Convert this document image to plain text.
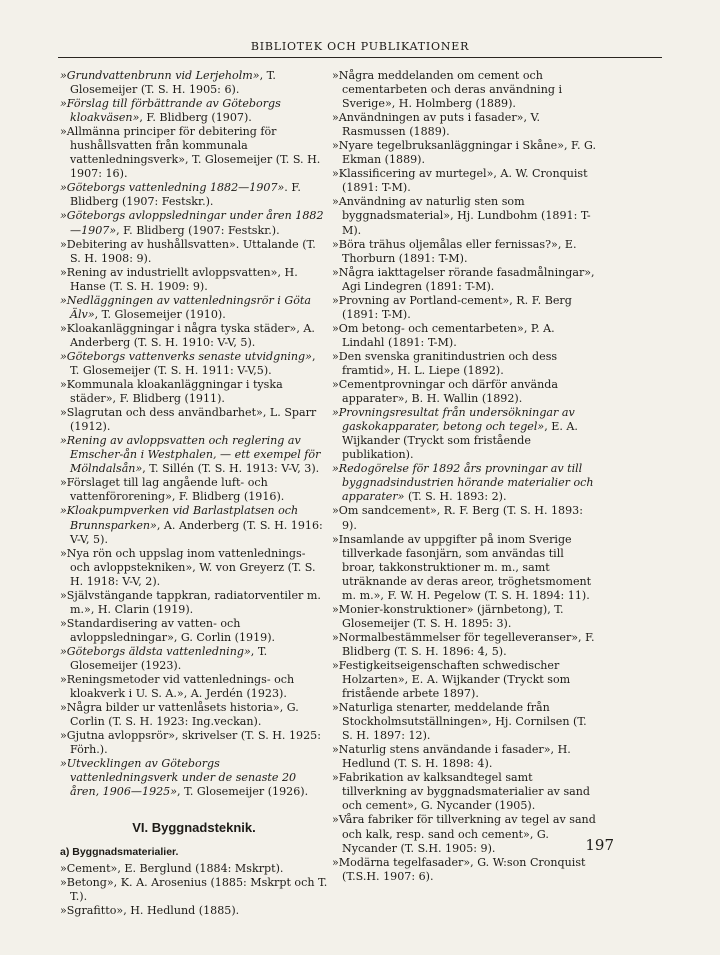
BIBLIOTEK OCH PUBLIKATIONER

»Grundvattenbrunn vid Lerjeholm», T. Glosemeijer (T. S. H. 1905: 6).

»Förslag till förbättrande av Göteborgs kloakväsen», F. Blidberg (1907).

»Allmänna principer för debitering för hushållsvatten från kommunala vattenledningsverk», T. Glosemeijer (T. S. H. 1907: 16).

»Göteborgs vattenledning 1882—1907». F. Blidberg (1907: Festskr.).

»Göteborgs avloppsledningar under åren 1882—1907», F. Blidberg (1907: Festskr.).

»Debitering av hushållsvatten». Uttalande (T. S. H. 1908: 9).

»Rening av industriellt avloppsvatten», H. Hanse (T. S. H. 1909: 9).

»Nedläggningen av vattenledningsrör i Göta Älv», T. Glosemeijer (1910).

»Kloakanläggningar i några tyska städer», A. Anderberg (T. S. H. 1910: V-V, 5).

»Göteborgs vattenverks senaste utvidgning», T. Glosemeijer (T. S. H. 1911: V-V,5).

»Kommunala kloakanläggningar i tyska städer», F. Blidberg (1911).

»Slagrutan och dess användbarhet», L. Sparr (1912).

»Rening av avloppsvatten och reglering av Emscher-ån i Westphalen, — ett exempel för Mölndalsån», T. Sillén (T. S. H. 1913: V-V, 3).

»Förslaget till lag angående luft- och vattenförorening», F. Blidberg (1916).

»Kloakpumpverken vid Barlastplatsen och Brunnsparken», A. Anderberg (T. S. H. 1916: V-V, 5).

»Nya rön och uppslag inom vattenlednings- och avloppstekniken», W. von Greyerz (T. S. H. 1918: V-V, 2).

»Självstängande tappkran, radiatorventiler m. m.», H. Clarin (1919).

»Standardisering av vatten- och avloppsledningar», G. Corlin (1919).

»Göteborgs äldsta vattenledning», T. Glosemeijer (1923).

»Reningsmetoder vid vattenlednings- och kloakverk i U. S. A.», A. Jerdén (1923).

»Några bilder ur vattenlåsets historia», G. Corlin (T. S. H. 1923: Ing.veckan).

»Gjutna avloppsrör», skrivelser (T. S. H. 1925: Förh.).

»Utvecklingen av Göteborgs vattenledningsverk under de senaste 20 åren, 1906—1925», T. Glosemeijer (1926).

VI. Byggnadsteknik.
a) Byggnadsmaterialier.

»Cement», E. Berglund (1884: Mskrpt).

»Betong», K. A. Arosenius (1885: Mskrpt och T. T.).

»Sgrafitto», H. Hedlund (1885).

»Några meddelanden om cement och cementarbeten och deras användning i Sverige», H. Holmberg (1889).

»Användningen av puts i fasader», V. Rasmussen (1889).

»Nyare tegelbruksanläggningar i Skåne», F. G. Ekman (1889).

»Klassificering av murtegel», A. W. Cronquist (1891: T-M).

»Användning av naturlig sten som byggnadsmaterial», Hj. Lundbohm (1891: T-M).

»Böra trähus oljemålas eller fernissas?», E. Thorburn (1891: T-M).

»Några iakttagelser rörande fasadmålningar», Agi Lindegren (1891: T-M).

»Provning av Portland-cement», R. F. Berg (1891: T-M).

»Om betong- och cementarbeten», P. A. Lindahl (1891: T-M).

»Den svenska granitindustrien och dess framtid», H. L. Liepe (1892).

»Cementprovningar och därför använda apparater», B. H. Wallin (1892).

»Provningsresultat från undersökningar av gaskokapparater, betong och tegel», E. A. Wijkander (Tryckt som fristående publikation).

»Redogörelse för 1892 års provningar av till byggnadsindustrien hörande materialier och apparater» (T. S. H. 1893: 2).

»Om sandcement», R. F. Berg (T. S. H. 1893: 9).

»Insamlande av uppgifter på inom Sverige tillverkade fasonjärn, som användas till broar, takkonstruktioner m. m., samt uträknande av deras areor, tröghetsmoment m. m.», F. W. H. Pegelow (T. S. H. 1894: 11).

»Monier-konstruktioner» (järnbetong), T. Glosemeijer (T. S. H. 1895: 3).

»Normalbestämmelser för tegelleveranser», F. Blidberg (T. S. H. 1896: 4, 5).

»Festigkeitseigenschaften schwedischer Holzarten», E. A. Wijkander (Tryckt som fristående arbete 1897).

»Naturliga stenarter, meddelande från Stockholmsutställningen», Hj. Cornilsen (T. S. H. 1897: 12).

»Naturlig stens användande i fasader», H. Hedlund (T. S. H. 1898: 4).

»Fabrikation av kalksandtegel samt tillverkning av byggnadsmaterialier av sand och cement», G. Nycander (1905).

»Våra fabriker för tillverkning av tegel av sand och kalk, resp. sand och cement», G. Nycander (T. S.H. 1905: 9).

»Modärna tegelfasader», G. W:son Cronquist (T.S.H. 1907: 6).

197
